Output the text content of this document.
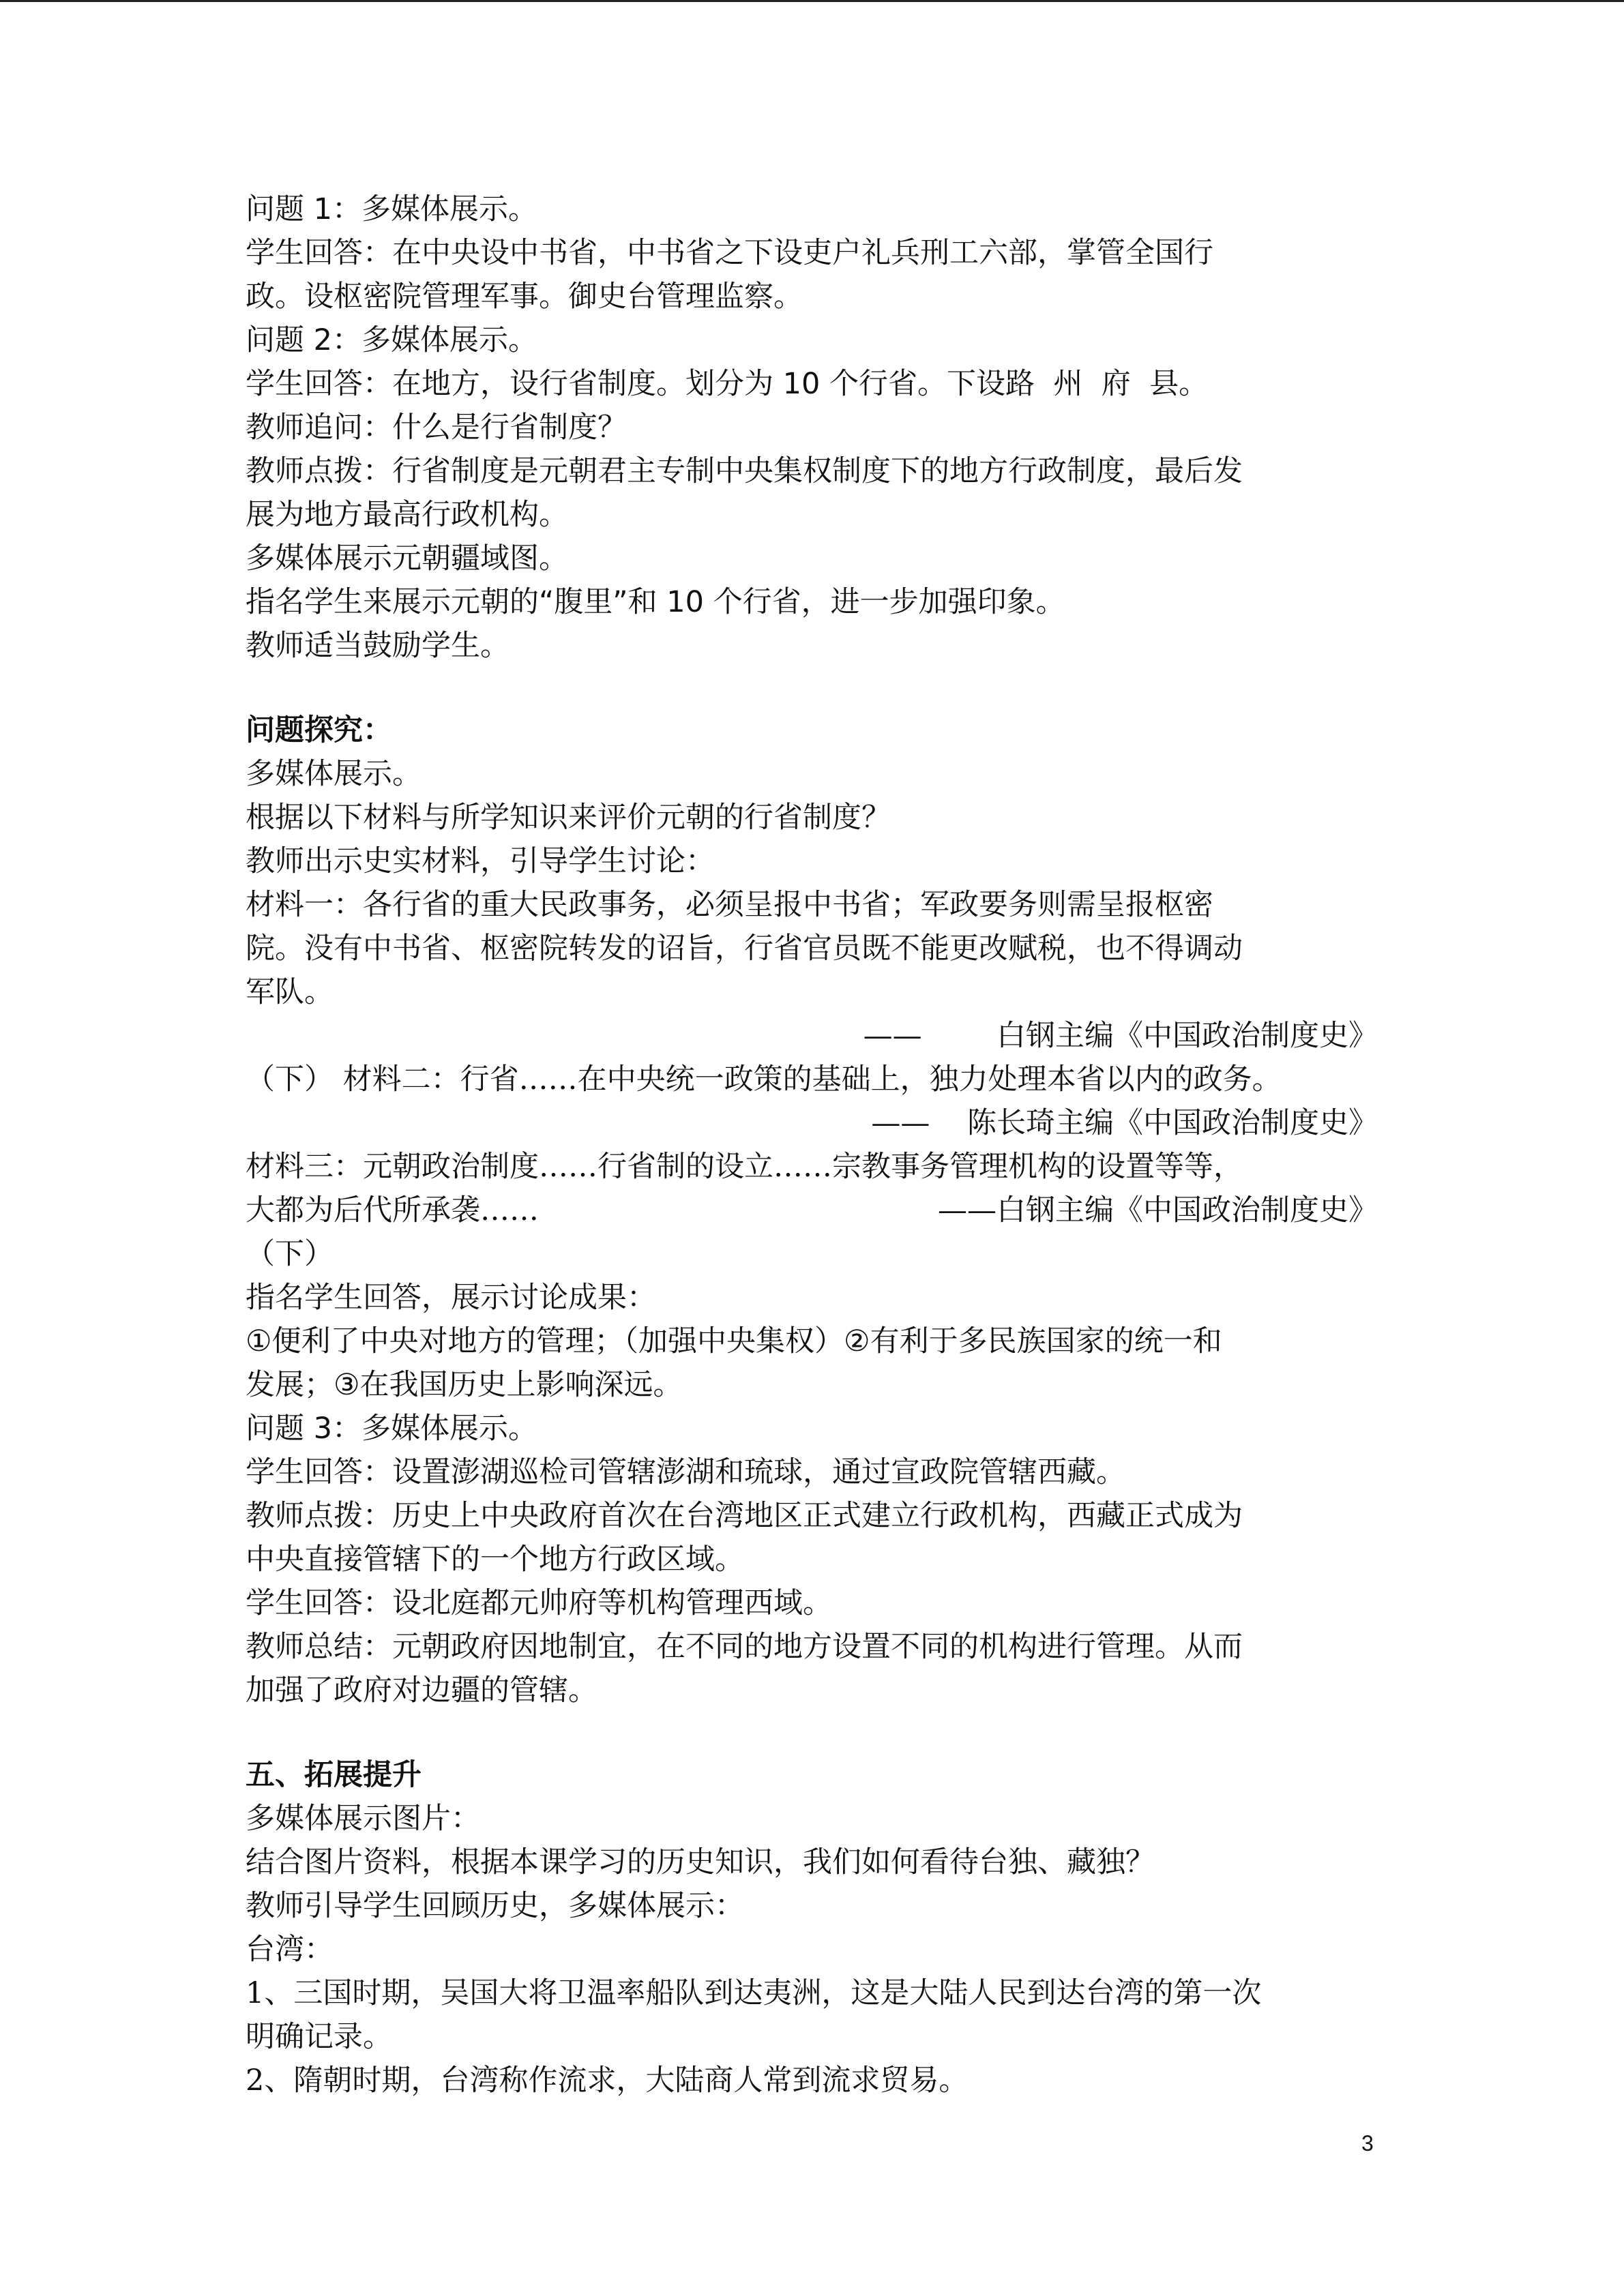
问题 1：多媒体展示。
学生回答：在中央设中书省，中书省之下设吏户礼兵刑工六部，掌管全国行
政。设枢密院管理军事。御史台管理监察。
问题 2：多媒体展示。
学生回答：在地方，设行省制度。划分为 10 个行省。下设路  州  府  县。
教师追问：什么是行省制度？
教师点拨：行省制度是元朝君主专制中央集权制度下的地方行政制度，最后发
展为地方最高行政机构。
多媒体展示元朝疆域图。
指名学生来展示元朝的“腹里”和 10 个行省，进一步加强印象。
教师适当鼓励学生。
问题探究：
多媒体展示。
根据以下材料与所学知识来评价元朝的行省制度？
教师出示史实材料，引导学生讨论：
材料一：各行省的重大民政事务，必须呈报中书省；军政要务则需呈报枢密
院。没有中书省、枢密院转发的诏旨，行省官员既不能更改赋税，也不得调动
军队。
——        白钢主编《中国政治制度史》
（下） 材料二：行省……在中央统一政策的基础上，独力处理本省以内的政务。
——    陈长琦主编《中国政治制度史》
材料三：元朝政治制度……行省制的设立……宗教事务管理机构的设置等等，
大都为后代所承袭……	——白钢主编《中国政治制度史》
（下）
指名学生回答，展示讨论成果：
①便利了中央对地方的管理；（加强中央集权）②有利于多民族国家的统一和
发展；③在我国历史上影响深远。
问题 3：多媒体展示。
学生回答：设置澎湖巡检司管辖澎湖和琉球，通过宣政院管辖西藏。
教师点拨：历史上中央政府首次在台湾地区正式建立行政机构，西藏正式成为
中央直接管辖下的一个地方行政区域。
学生回答：设北庭都元帅府等机构管理西域。
教师总结：元朝政府因地制宜，在不同的地方设置不同的机构进行管理。从而
加强了政府对边疆的管辖。
五、拓展提升
多媒体展示图片：
结合图片资料，根据本课学习的历史知识，我们如何看待台独、藏独？
教师引导学生回顾历史，多媒体展示：
台湾：
1、三国时期，吴国大将卫温率船队到达夷洲，这是大陆人民到达台湾的第一次
明确记录。
2、隋朝时期，台湾称作流求，大陆商人常到流求贸易。
3
